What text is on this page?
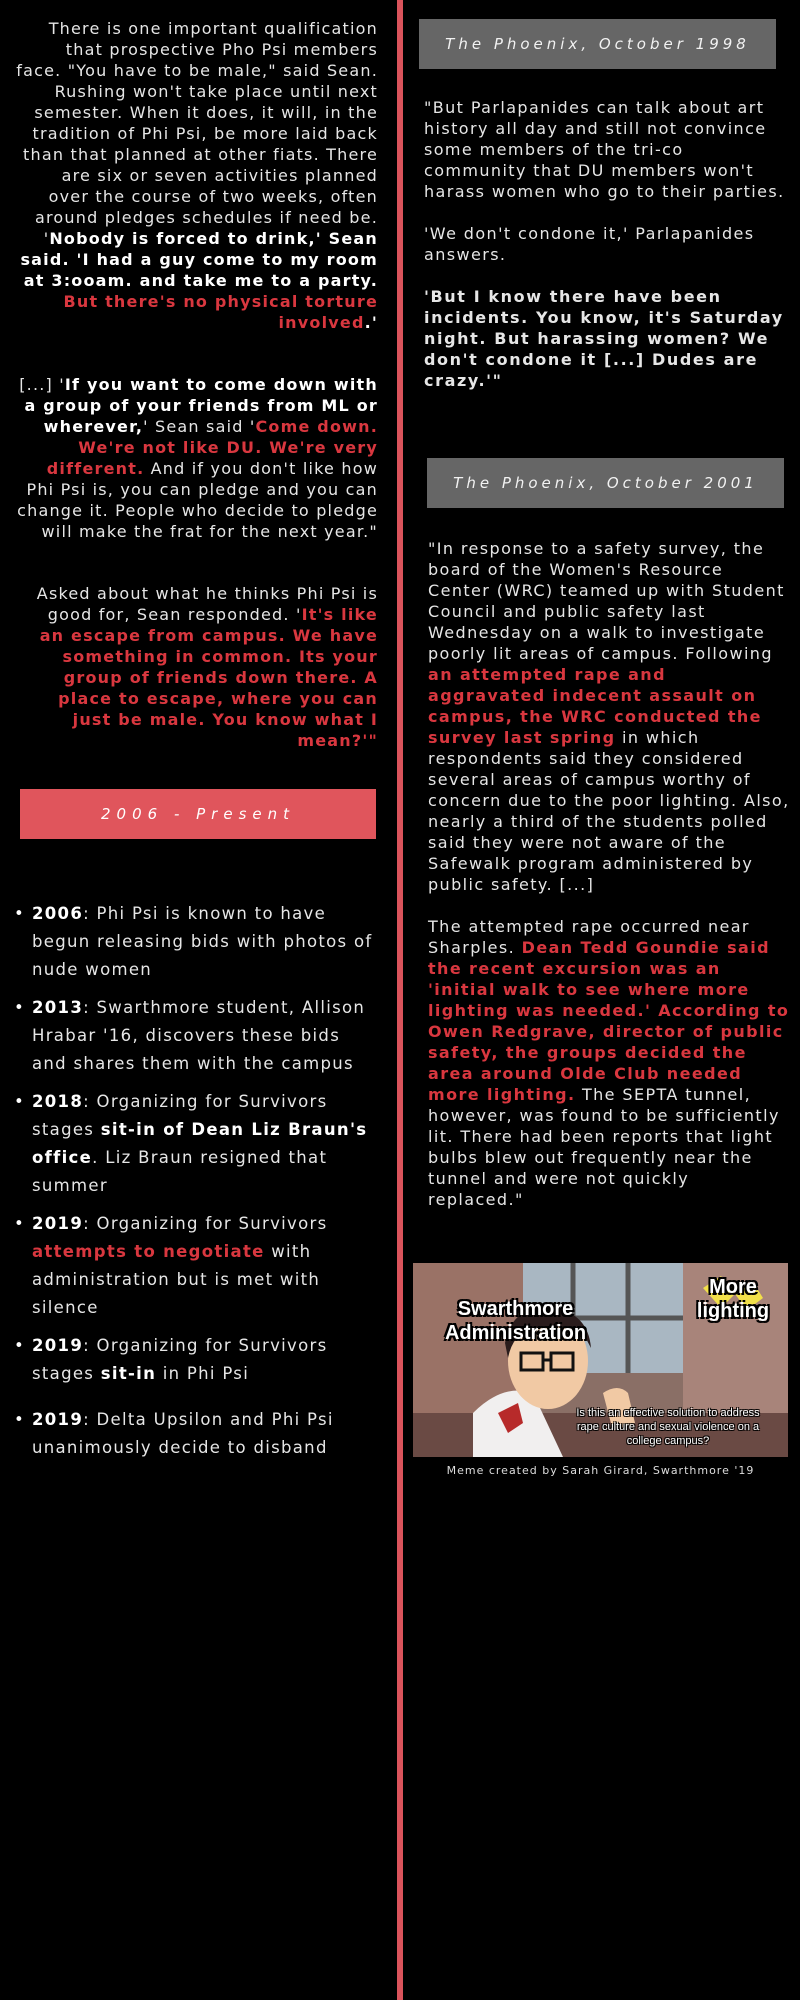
There is one important qualification that prospective Pho Psi members face. "You have to be male," said Sean. Rushing won't take place until next semester. When it does, it will, in the tradition of Phi Psi, be more laid back than that planned at other fiats. There are six or seven activities planned over the course of two weeks, often around pledges schedules if need be. 'Nobody is forced to drink,' Sean said. 'I had a guy come to my room at 3:ooam. and take me to a party. But there's no physical torture involved.'

[...] 'If you want to come down with a group of your friends from ML or wherever,' Sean said 'Come down. We're not like DU. We're very different. And if you don't like how Phi Psi is, you can pledge and you can change it. People who decide to pledge will make the frat for the next year."

Asked about what he thinks Phi Psi is good for, Sean responded. 'It's like an escape from campus. We have something in common. Its your group of friends down there. A place to escape, where you can just be male. You know what I mean?'"

2006 - Present
• 2006: Phi Psi is known to have begun releasing bids with photos of nude women
• 2013: Swarthmore student, Allison Hrabar '16, discovers these bids and shares them with the campus
• 2018: Organizing for Survivors stages sit-in of Dean Liz Braun's office. Liz Braun resigned that summer
• 2019: Organizing for Survivors attempts to negotiate with administration but is met with silence
• 2019: Organizing for Survivors stages sit-in in Phi Psi
• 2019: Delta Upsilon and Phi Psi unanimously decide to disband
The Phoenix, October 1998

"But Parlapanides can talk about art history all day and still not convince some members of the tri-co community that DU members won't harass women who go to their parties.

'We don't condone it,' Parlapanides answers.

'But I know there have been incidents. You know, it's Saturday night. But harassing women? We don't condone it [...] Dudes are crazy.'"

The Phoenix, October 2001

"In response to a safety survey, the board of the Women's Resource Center (WRC) teamed up with Student Council and public safety last Wednesday on a walk to investigate poorly lit areas of campus. Following an attempted rape and aggravated indecent assault on campus, the WRC conducted the survey last spring in which respondents said they considered several areas of campus worthy of concern due to the poor lighting. Also, nearly a third of the students polled said they were not aware of the Safewalk program administered by public safety. [...]

The attempted rape occurred near Sharples. Dean Tedd Goundie said the recent excursion was an 'initial walk to see where more lighting was needed.' According to Owen Redgrave, director of public safety, the groups decided the area around Olde Club needed more lighting. The SEPTA tunnel, however, was found to be sufficiently lit. There had been reports that light bulbs blew out frequently near the tunnel and were not quickly replaced."

Swarthmore Administration
More lighting
Is this an effective solution to address rape culture and sexual violence on a college campus?
Meme created by Sarah Girard, Swarthmore '19
